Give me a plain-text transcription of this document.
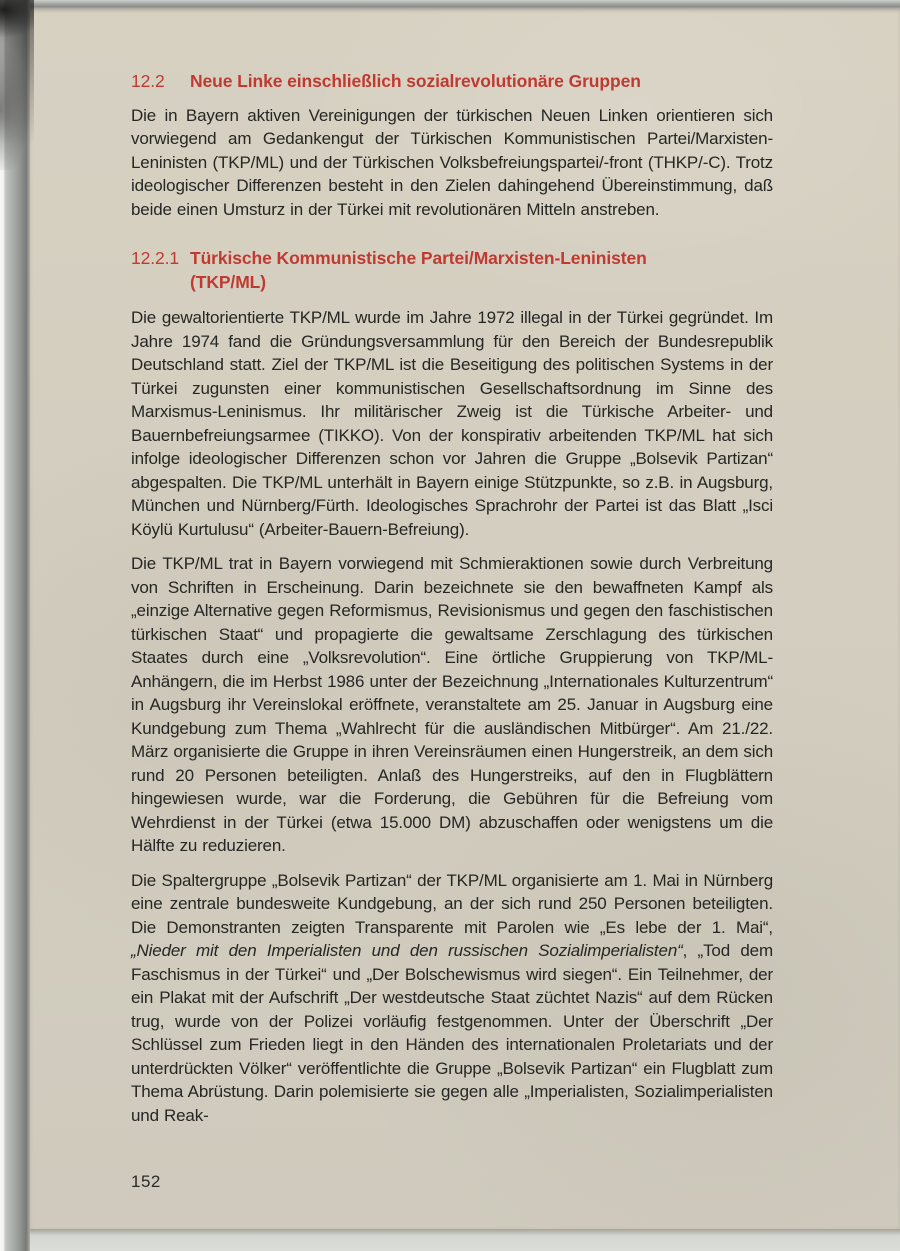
12.2 Neue Linke einschließlich sozialrevolutionäre Gruppen

Die in Bayern aktiven Vereinigungen der türkischen Neuen Linken orientieren sich vorwiegend am Gedankengut der Türkischen Kommunistischen Partei/Marxisten-Leninisten (TKP/ML) und der Türkischen Volksbefreiungspartei/-front (THKP/-C). Trotz ideologischer Differenzen besteht in den Zielen dahingehend Übereinstimmung, daß beide einen Umsturz in der Türkei mit revolutionären Mitteln anstreben.

12.2.1 Türkische Kommunistische Partei/Marxisten-Leninisten
(TKP/ML)

Die gewaltorientierte TKP/ML wurde im Jahre 1972 illegal in der Türkei gegründet. Im Jahre 1974 fand die Gründungsversammlung für den Bereich der Bundesrepublik Deutschland statt. Ziel der TKP/ML ist die Beseitigung des politischen Systems in der Türkei zugunsten einer kommunistischen Gesellschaftsordnung im Sinne des Marxismus-Leninismus. Ihr militärischer Zweig ist die Türkische Arbeiter- und Bauernbefreiungsarmee (TIKKO). Von der konspirativ arbeitenden TKP/ML hat sich infolge ideologischer Differenzen schon vor Jahren die Gruppe „Bolsevik Partizan“ abgespalten. Die TKP/ML unterhält in Bayern einige Stützpunkte, so z.B. in Augsburg, München und Nürnberg/Fürth. Ideologisches Sprachrohr der Partei ist das Blatt „Isci Köylü Kurtulusu“ (Arbeiter-Bauern-Befreiung).

Die TKP/ML trat in Bayern vorwiegend mit Schmieraktionen sowie durch Verbreitung von Schriften in Erscheinung. Darin bezeichnete sie den bewaffneten Kampf als „einzige Alternative gegen Reformismus, Revisionismus und gegen den faschistischen türkischen Staat“ und propagierte die gewaltsame Zerschlagung des türkischen Staates durch eine „Volksrevolution“. Eine örtliche Gruppierung von TKP/ML-Anhängern, die im Herbst 1986 unter der Bezeichnung „Internationales Kulturzentrum“ in Augsburg ihr Vereinslokal eröffnete, veranstaltete am 25. Januar in Augsburg eine Kundgebung zum Thema „Wahlrecht für die ausländischen Mitbürger“. Am 21./22. März organisierte die Gruppe in ihren Vereinsräumen einen Hungerstreik, an dem sich rund 20 Personen beteiligten. Anlaß des Hungerstreiks, auf den in Flugblättern hingewiesen wurde, war die Forderung, die Gebühren für die Befreiung vom Wehrdienst in der Türkei (etwa 15.000 DM) abzuschaffen oder wenigstens um die Hälfte zu reduzieren.

Die Spaltergruppe „Bolsevik Partizan“ der TKP/ML organisierte am 1. Mai in Nürnberg eine zentrale bundesweite Kundgebung, an der sich rund 250 Personen beteiligten. Die Demonstranten zeigten Transparente mit Parolen wie „Es lebe der 1. Mai“, „Nieder mit den Imperialisten und den russischen Sozialimperialisten“, „Tod dem Faschismus in der Türkei“ und „Der Bolschewismus wird siegen“. Ein Teilnehmer, der ein Plakat mit der Aufschrift „Der westdeutsche Staat züchtet Nazis“ auf dem Rücken trug, wurde von der Polizei vorläufig festgenommen. Unter der Überschrift „Der Schlüssel zum Frieden liegt in den Händen des internationalen Proletariats und der unterdrückten Völker“ veröffentlichte die Gruppe „Bolsevik Partizan“ ein Flugblatt zum Thema Abrüstung. Darin polemisierte sie gegen alle „Imperialisten, Sozialimperialisten und Reak-

152
